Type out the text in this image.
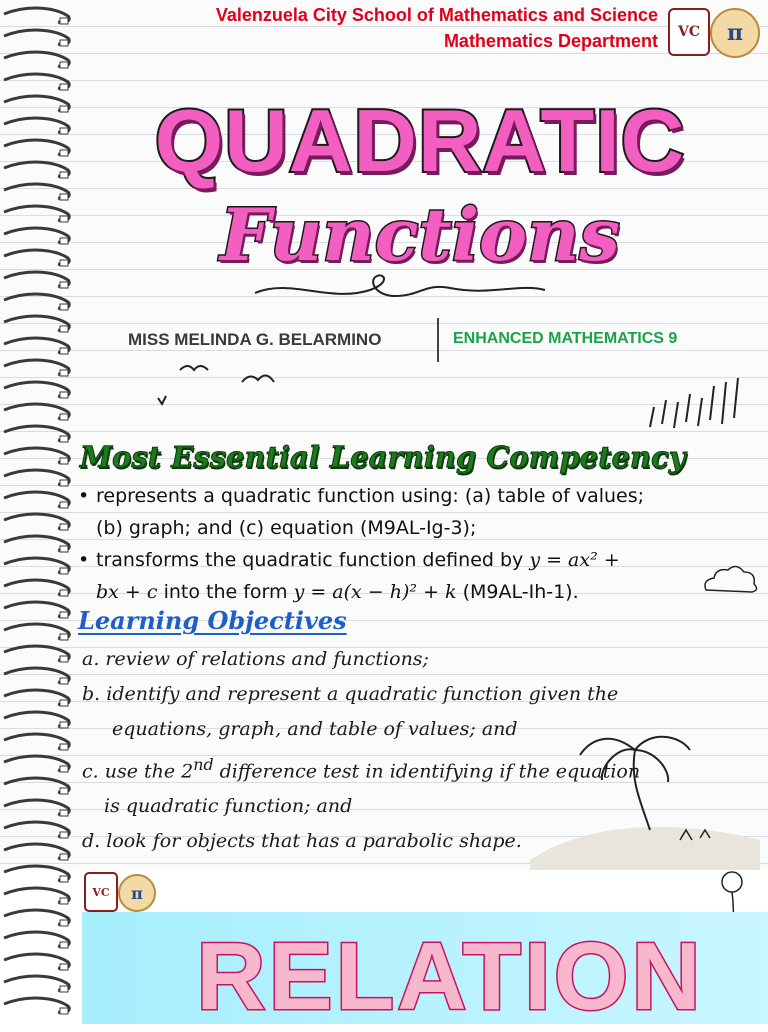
Valenzuela City School of Mathematics and Science
Mathematics Department VC π
QUADRATIC
Functions
MISS MELINDA G. BELARMINO	ENHANCED MATHEMATICS 9
Most Essential Learning Competency
• represents a quadratic function using: (a) table of values;
(b) graph; and (c) equation (M9AL-Ig-3);
• transforms the quadratic function defined by y = ax² +
bx + c into the form y = a(x − h)² + k (M9AL-Ih-1).
Learning Objectives
a. review of relations and functions;
b. identify and represent a quadratic function given the
equations, graph, and table of values; and
c. use the 2nd difference test in identifying if the equation
is quadratic function; and
d. look for objects that has a parabolic shape.
VC π
RELATION
